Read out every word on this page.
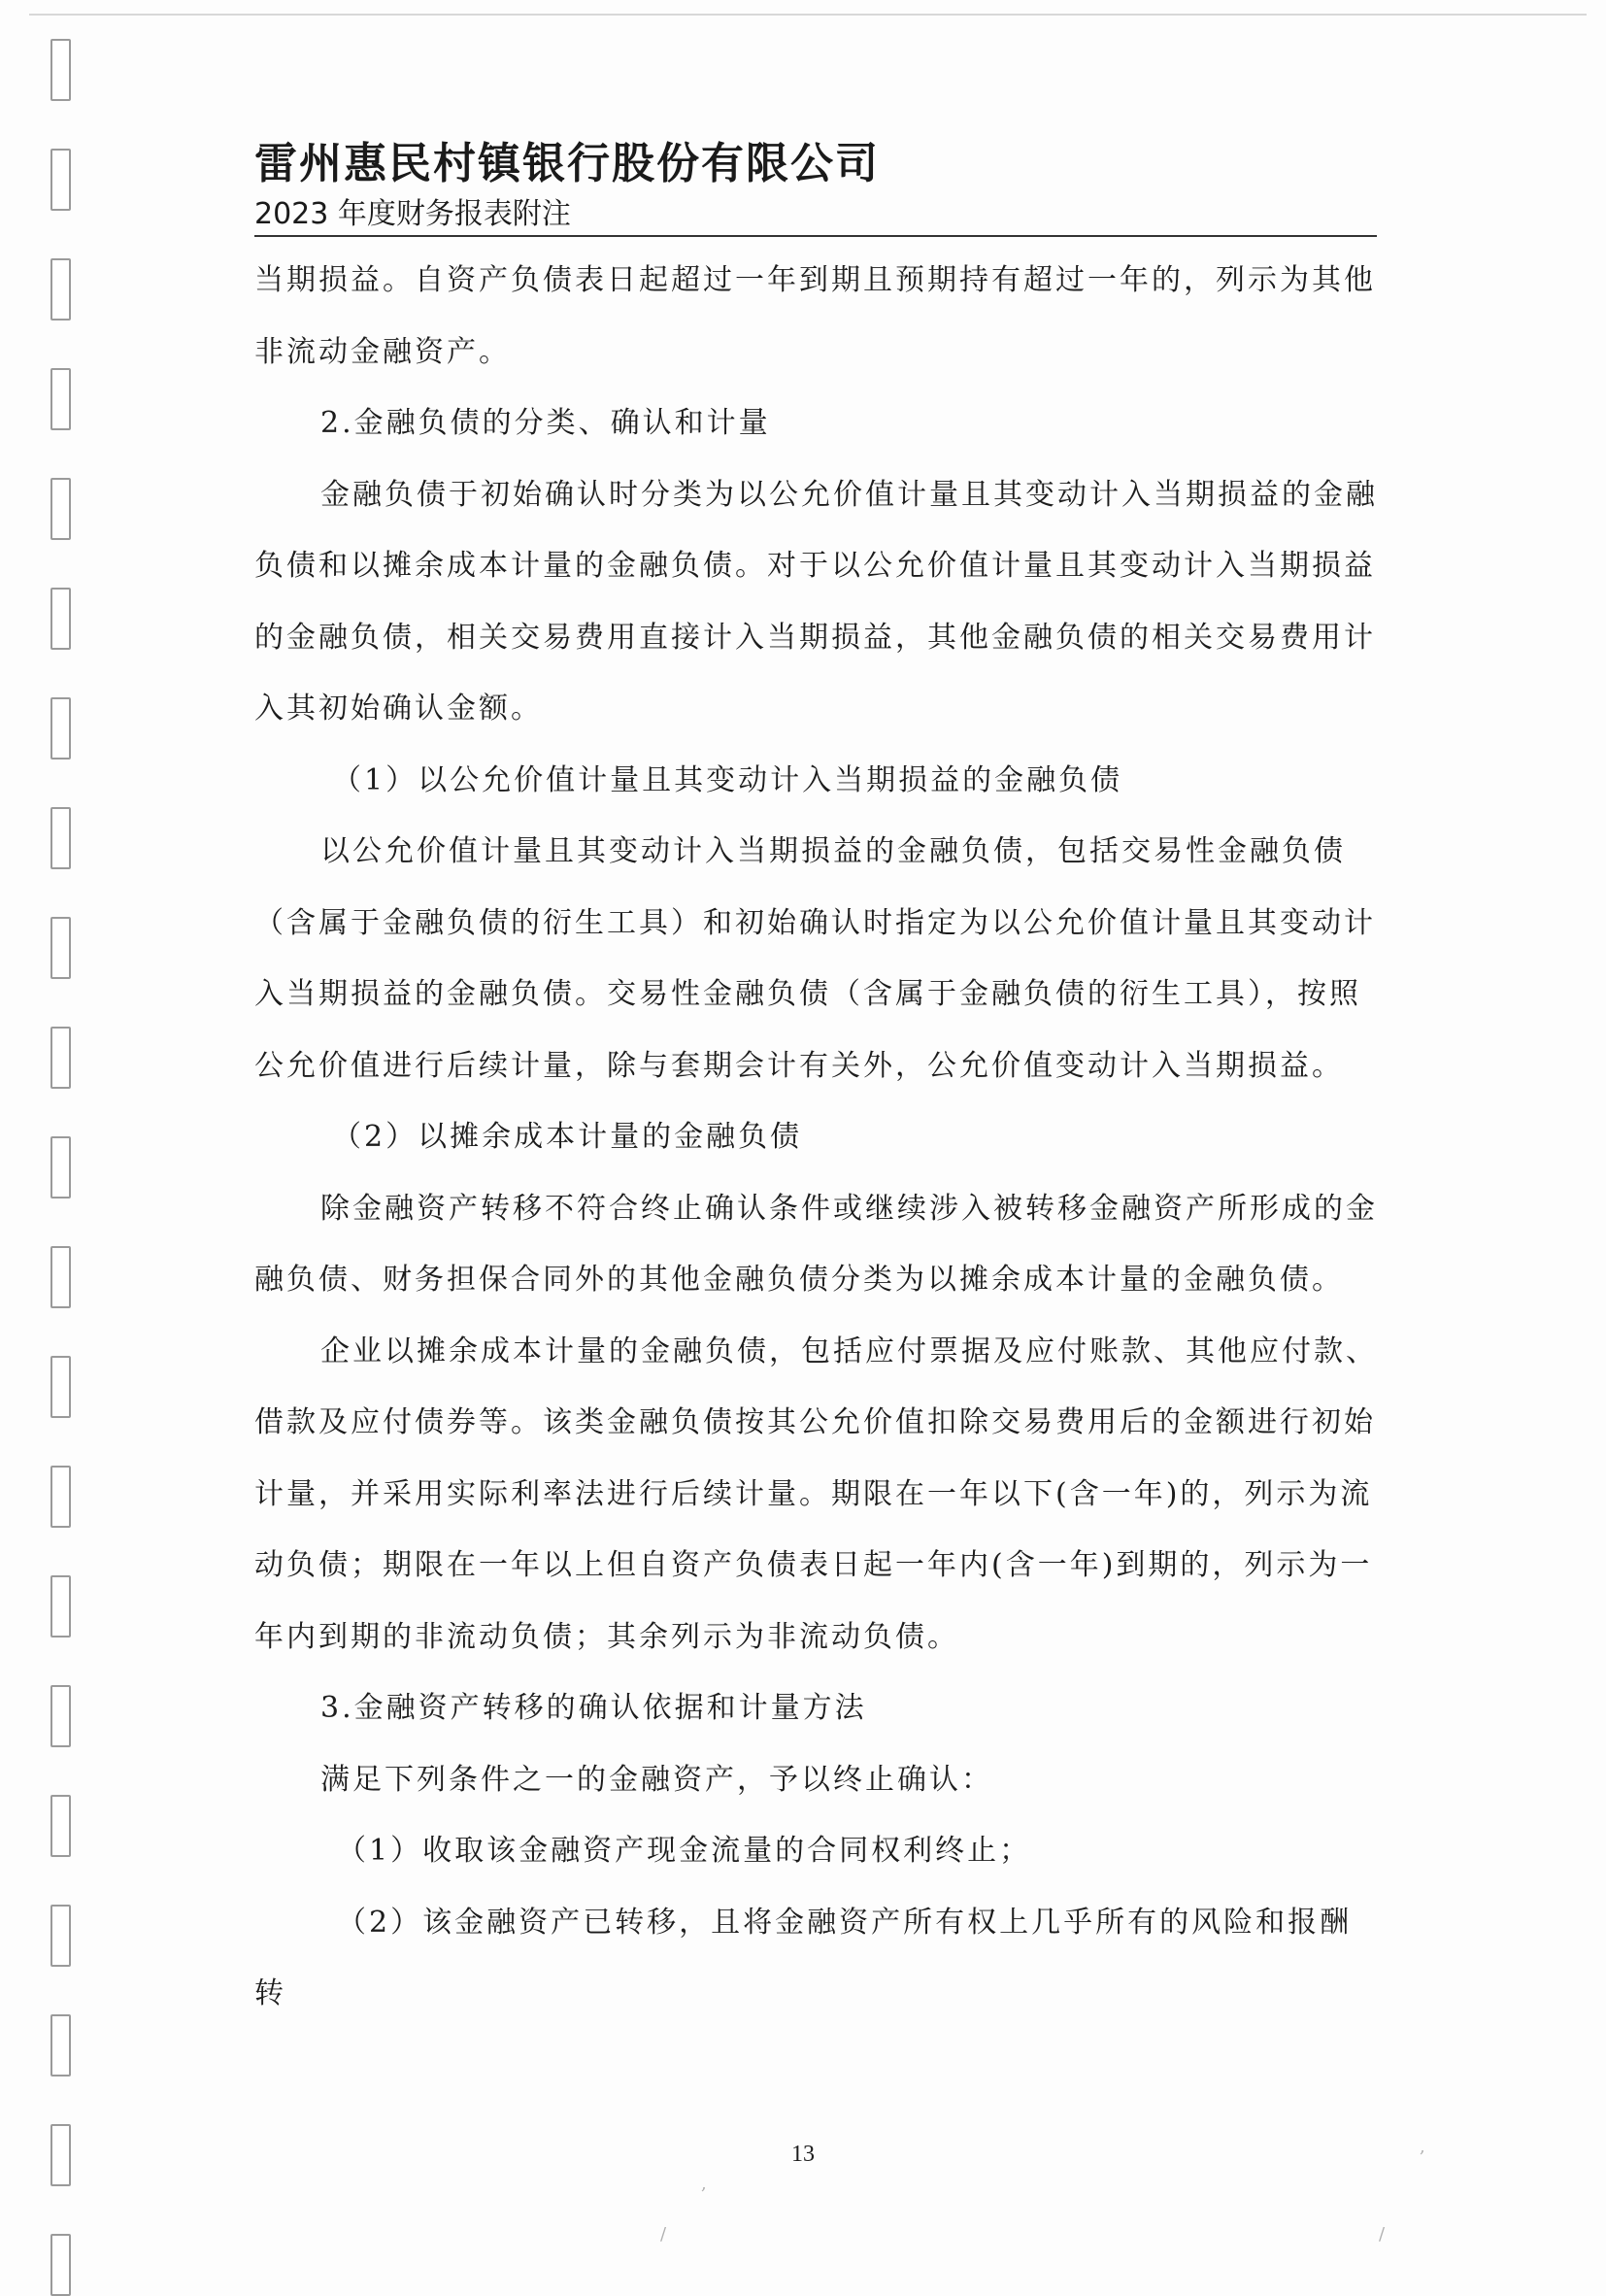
雷州惠民村镇银行股份有限公司
2023 年度财务报表附注

当期损益。自资产负债表日起超过一年到期且预期持有超过一年的，列示为其他非流动金融资产。

2.金融负债的分类、确认和计量

金融负债于初始确认时分类为以公允价值计量且其变动计入当期损益的金融负债和以摊余成本计量的金融负债。对于以公允价值计量且其变动计入当期损益的金融负债，相关交易费用直接计入当期损益，其他金融负债的相关交易费用计入其初始确认金额。

（1）以公允价值计量且其变动计入当期损益的金融负债

以公允价值计量且其变动计入当期损益的金融负债，包括交易性金融负债（含属于金融负债的衍生工具）和初始确认时指定为以公允价值计量且其变动计入当期损益的金融负债。交易性金融负债（含属于金融负债的衍生工具），按照公允价值进行后续计量，除与套期会计有关外，公允价值变动计入当期损益。

（2）以摊余成本计量的金融负债

除金融资产转移不符合终止确认条件或继续涉入被转移金融资产所形成的金融负债、财务担保合同外的其他金融负债分类为以摊余成本计量的金融负债。

企业以摊余成本计量的金融负债，包括应付票据及应付账款、其他应付款、借款及应付债券等。该类金融负债按其公允价值扣除交易费用后的金额进行初始计量，并采用实际利率法进行后续计量。期限在一年以下(含一年)的，列示为流动负债；期限在一年以上但自资产负债表日起一年内(含一年)到期的，列示为一年内到期的非流动负债；其余列示为非流动负债。

3.金融资产转移的确认依据和计量方法

满足下列条件之一的金融资产，予以终止确认：

（1）收取该金融资产现金流量的合同权利终止；

（2）该金融资产已转移，且将金融资产所有权上几乎所有的风险和报酬转

13
,
,
/	/
